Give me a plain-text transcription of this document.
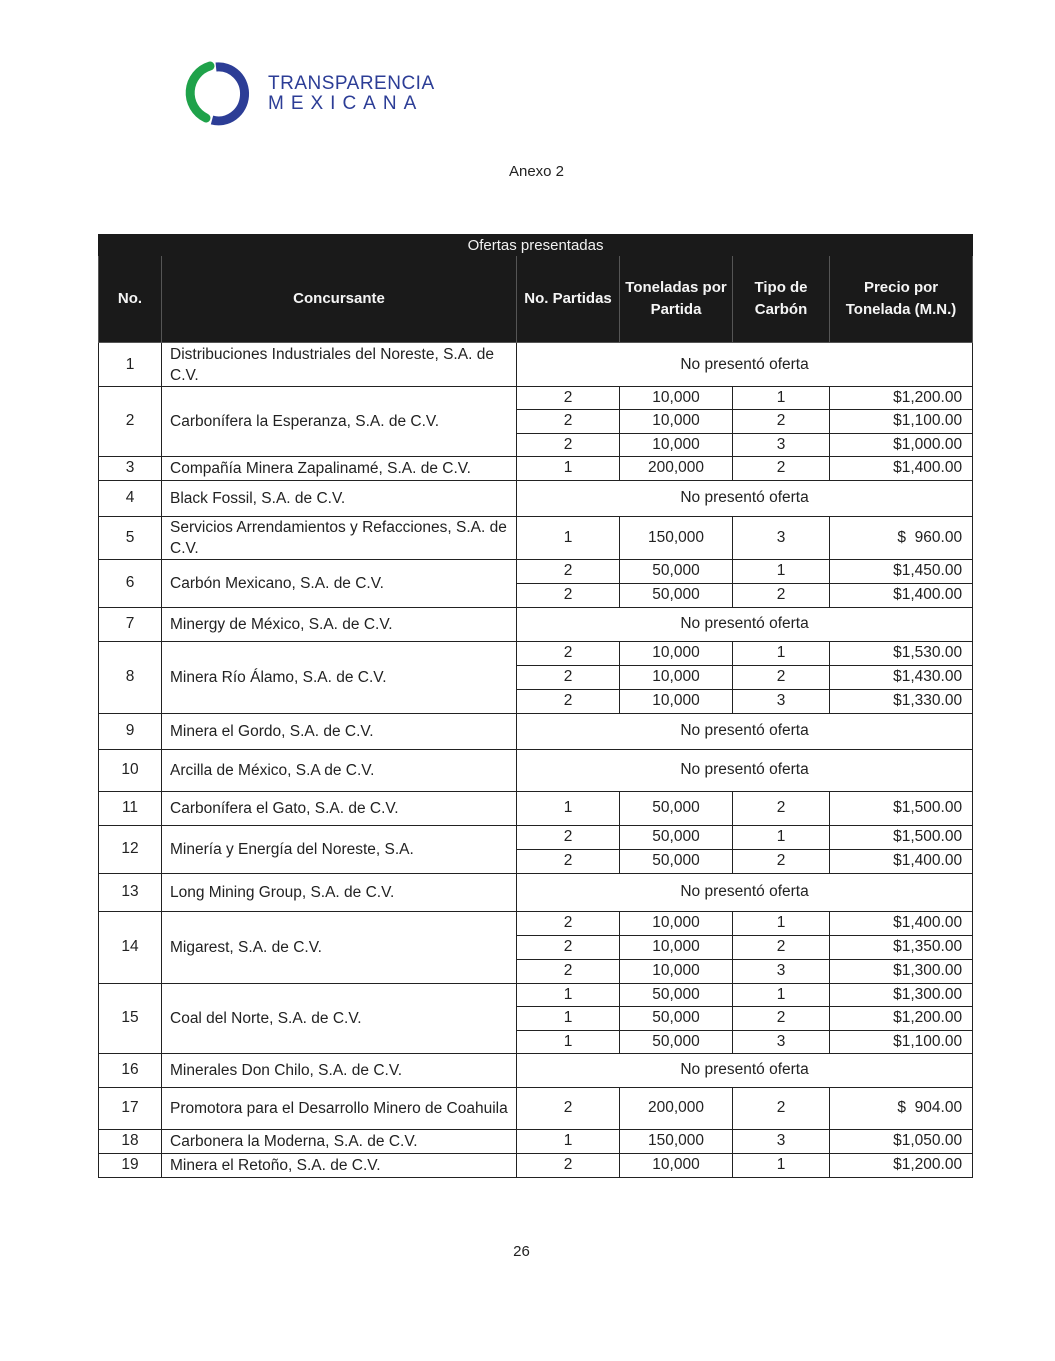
TRANSPARENCIA
MEXICANA
Anexo 2
Ofertas presentadas					
No.	Concursante	No. Partidas	Toneladas por Partida	Tipo de Carbón	Precio por Tonelada (M.N.)
1	Distribuciones Industriales del Noreste, S.A. de C.V.	No presentó oferta			
2	Carbonífera la Esperanza, S.A. de C.V.	2	10,000	1	$1,200.00
		2	10,000	2	$1,100.00
		2	10,000	3	$1,000.00
3	Compañía Minera Zapalinamé, S.A. de C.V.	1	200,000	2	$1,400.00
4	Black Fossil, S.A. de C.V.	No presentó oferta			
5	Servicios Arrendamientos y Refacciones, S.A. de C.V.	1	150,000	3	$  960.00
6	Carbón Mexicano, S.A. de C.V.	2	50,000	1	$1,450.00
		2	50,000	2	$1,400.00
7	Minergy de México, S.A. de C.V.	No presentó oferta			
8	Minera Río Álamo, S.A. de C.V.	2	10,000	1	$1,530.00
		2	10,000	2	$1,430.00
		2	10,000	3	$1,330.00
9	Minera el Gordo, S.A. de C.V.	No presentó oferta			
10	Arcilla de México, S.A de C.V.	No presentó oferta			
11	Carbonífera el Gato, S.A. de C.V.	1	50,000	2	$1,500.00
12	Minería y Energía del Noreste, S.A.	2	50,000	1	$1,500.00
		2	50,000	2	$1,400.00
13	Long Mining Group, S.A. de C.V.	No presentó oferta			
14	Migarest, S.A. de C.V.	2	10,000	1	$1,400.00
		2	10,000	2	$1,350.00
		2	10,000	3	$1,300.00
15	Coal del Norte, S.A. de C.V.	1	50,000	1	$1,300.00
		1	50,000	2	$1,200.00
		1	50,000	3	$1,100.00
16	Minerales Don Chilo, S.A. de C.V.	No presentó oferta			
17	Promotora para el Desarrollo Minero de Coahuila	2	200,000	2	$  904.00
18	Carbonera la Moderna, S.A. de C.V.	1	150,000	3	$1,050.00
19	Minera el Retoño, S.A. de C.V.	2	10,000	1	$1,200.00
26
